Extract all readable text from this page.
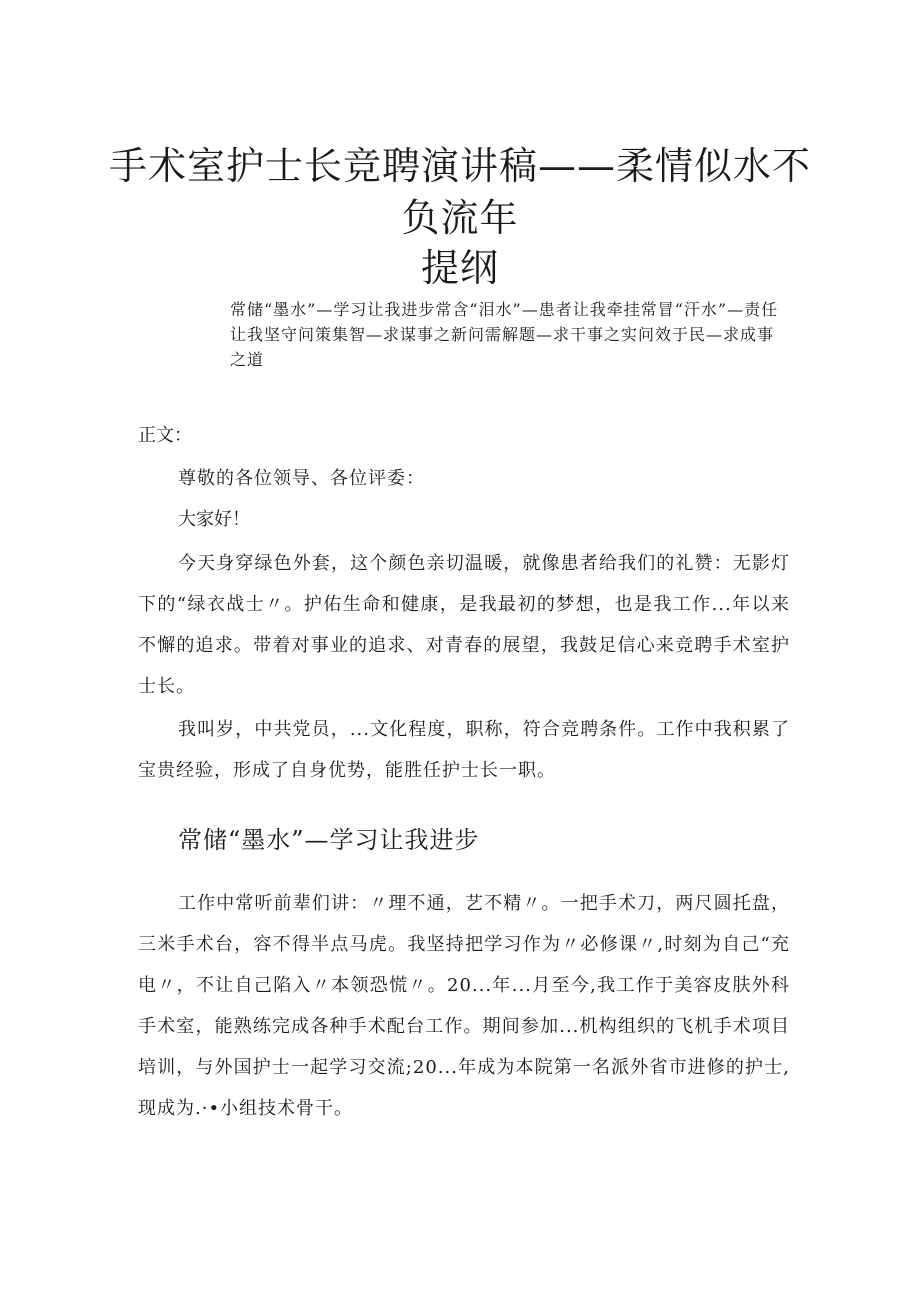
手术室护士长竞聘演讲稿——柔情似水不
负流年
提纲

常储“墨水”—学习让我进步常含“泪水”—患者让我牵挂常冒“汗水”—责任让我坚守问策集智—求谋事之新问需解题—求干事之实问效于民—求成事之道

正文：

尊敬的各位领导、各位评委：

大家好！

今天身穿绿色外套，这个颜色亲切温暖，就像患者给我们的礼赞：无影灯下的“绿衣战士〃。护佑生命和健康，是我最初的梦想，也是我工作...年以来不懈的追求。带着对事业的追求、对青春的展望，我鼓足信心来竞聘手术室护士长。

我叫岁，中共党员，...文化程度，职称，符合竞聘条件。工作中我积累了宝贵经验，形成了自身优势，能胜任护士长一职。

常储“墨水”—学习让我进步

工作中常听前辈们讲：〃理不通，艺不精〃。一把手术刀，两尺圆托盘，三米手术台，容不得半点马虎。我坚持把学习作为〃必修课〃,时刻为自己“充电〃，不让自己陷入〃本领恐慌〃。20...年...月至今,我工作于美容皮肤外科手术室，能熟练完成各种手术配台工作。期间参加...机构组织的飞机手术项目培训，与外国护士一起学习交流;20...年成为本院第一名派外省市进修的护士,现成为.·•小组技术骨干。
